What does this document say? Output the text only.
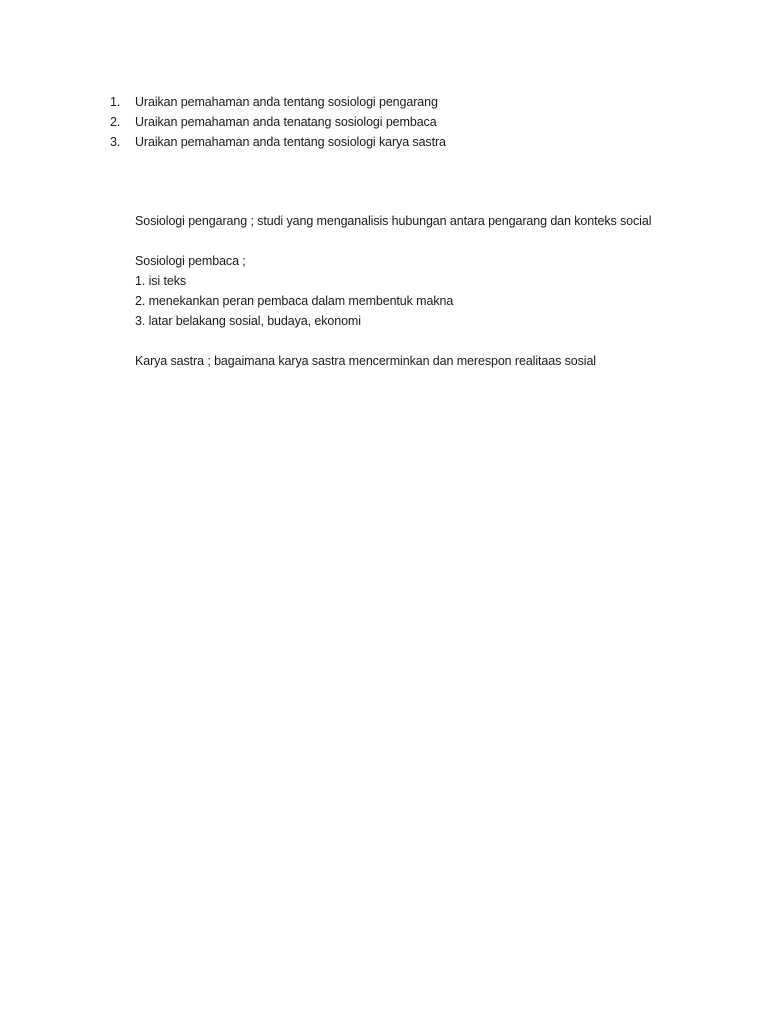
1.	Uraikan pemahaman anda tentang sosiologi pengarang
2.	Uraikan pemahaman anda tenatang sosiologi pembaca
3.	Uraikan pemahaman anda tentang sosiologi karya sastra
Sosiologi pengarang ; studi yang menganalisis hubungan antara pengarang dan konteks social
Sosiologi pembaca ;
1. isi teks
2. menekankan peran pembaca dalam membentuk makna
3. latar belakang sosial, budaya, ekonomi
Karya sastra ; bagaimana karya sastra mencerminkan dan merespon realitaas sosial
